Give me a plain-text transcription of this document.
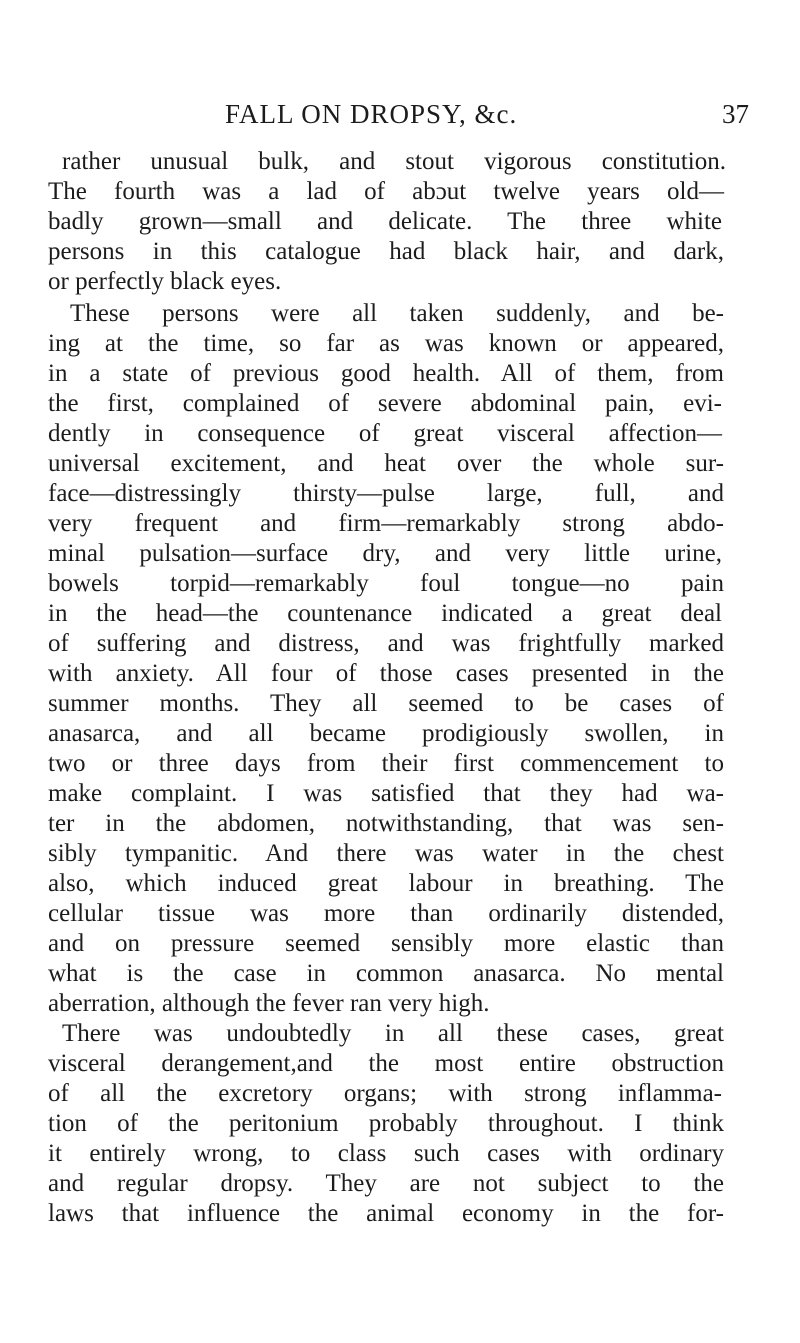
FALL ON DROPSY, &c.	37
rather unusual bulk, and stout vigorous constitution.
The fourth was a lad of abɔut twelve years old—
badly grown—small and delicate. The three white
persons in this catalogue had black hair, and dark,
or perfectly black eyes.
These persons were all taken suddenly, and be-
ing at the time, so far as was known or appeared,
in a state of previous good health. All of them, from
the first, complained of severe abdominal pain, evi-
dently in consequence of great visceral affection—
universal excitement, and heat over the whole sur-
face—distressingly thirsty—pulse large, full, and
very frequent and firm—remarkably strong abdo-
minal pulsation—surface dry, and very little urine,
bowels torpid—remarkably foul tongue—no pain
in the head—the countenance indicated a great deal
of suffering and distress, and was frightfully marked
with anxiety. All four of those cases presented in the
summer months. They all seemed to be cases of
anasarca, and all became prodigiously swollen, in
two or three days from their first commencement to
make complaint. I was satisfied that they had wa-
ter in the abdomen, notwithstanding, that was sen-
sibly tympanitic. And there was water in the chest
also, which induced great labour in breathing. The
cellular tissue was more than ordinarily distended,
and on pressure seemed sensibly more elastic than
what is the case in common anasarca. No mental
aberration, although the fever ran very high.
There was undoubtedly in all these cases, great
visceral derangement,and the most entire obstruction
of all the excretory organs; with strong inflamma-
tion of the peritonium probably throughout. I think
it entirely wrong, to class such cases with ordinary
and regular dropsy. They are not subject to the
laws that influence the animal economy in the for-
